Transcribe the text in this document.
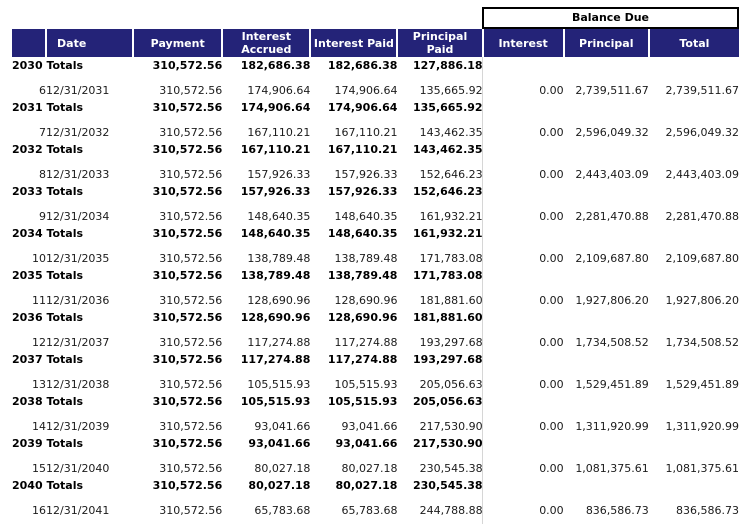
Balance Due
	Date	Payment	Interest Accrued	Interest Paid	Principal Paid	Interest	Principal	Total
2030 Totals		310,572.56	182,686.38	182,686.38	127,886.18			

6	12/31/2031	310,572.56	174,906.64	174,906.64	135,665.92	0.00	2,739,511.67	2,739,511.67
2031 Totals		310,572.56	174,906.64	174,906.64	135,665.92			

7	12/31/2032	310,572.56	167,110.21	167,110.21	143,462.35	0.00	2,596,049.32	2,596,049.32
2032 Totals		310,572.56	167,110.21	167,110.21	143,462.35			

8	12/31/2033	310,572.56	157,926.33	157,926.33	152,646.23	0.00	2,443,403.09	2,443,403.09
2033 Totals		310,572.56	157,926.33	157,926.33	152,646.23			

9	12/31/2034	310,572.56	148,640.35	148,640.35	161,932.21	0.00	2,281,470.88	2,281,470.88
2034 Totals		310,572.56	148,640.35	148,640.35	161,932.21			

10	12/31/2035	310,572.56	138,789.48	138,789.48	171,783.08	0.00	2,109,687.80	2,109,687.80
2035 Totals		310,572.56	138,789.48	138,789.48	171,783.08			

11	12/31/2036	310,572.56	128,690.96	128,690.96	181,881.60	0.00	1,927,806.20	1,927,806.20
2036 Totals		310,572.56	128,690.96	128,690.96	181,881.60			

12	12/31/2037	310,572.56	117,274.88	117,274.88	193,297.68	0.00	1,734,508.52	1,734,508.52
2037 Totals		310,572.56	117,274.88	117,274.88	193,297.68			

13	12/31/2038	310,572.56	105,515.93	105,515.93	205,056.63	0.00	1,529,451.89	1,529,451.89
2038 Totals		310,572.56	105,515.93	105,515.93	205,056.63			

14	12/31/2039	310,572.56	93,041.66	93,041.66	217,530.90	0.00	1,311,920.99	1,311,920.99
2039 Totals		310,572.56	93,041.66	93,041.66	217,530.90			

15	12/31/2040	310,572.56	80,027.18	80,027.18	230,545.38	0.00	1,081,375.61	1,081,375.61
2040 Totals		310,572.56	80,027.18	80,027.18	230,545.38			

16	12/31/2041	310,572.56	65,783.68	65,783.68	244,788.88	0.00	836,586.73	836,586.73
